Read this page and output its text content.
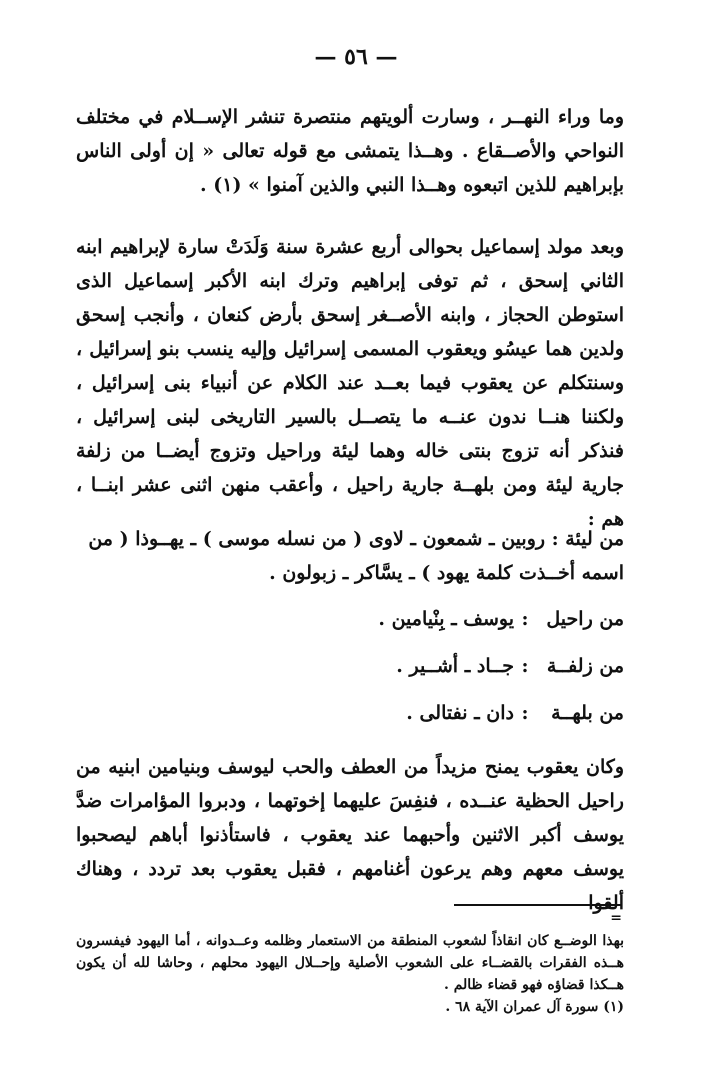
— ٥٦ —

وما وراء النهــر ، وسارت ألويتهم منتصرة تنشر الإســلام في مختلف النواحي والأصــقاع . وهــذا يتمشى مع قوله تعالى « إن أولى الناس بإبراهيم للذين اتبعوه وهــذا النبي والذين آمنوا » (١) .

وبعد مولد إسماعيل بحوالى أربع عشرة سنة وَلَدَتْ سارة لإبراهيم ابنه الثاني إسحق ، ثم توفى إبراهيم وترك ابنه الأكبر إسماعيل الذى استوطن الحجاز ، وابنه الأصــغر إسحق بأرض كنعان ، وأنجب إسحق ولدين هما عيسُو ويعقوب المسمى إسرائيل وإليه ينسب بنو إسرائيل ، وسنتكلم عن يعقوب فيما بعــد عند الكلام عن أنبياء بنى إسرائيل ، ولكننا هنــا ندون عنــه ما يتصــل بالسير التاريخى لبنى إسرائيل ، فنذكر أنه تزوج بنتى خاله وهما ليئة وراحيل وتزوج أيضــا من زلفة جارية ليئة ومن بلهــة جارية راحيل ، وأعقب منهن اثنى عشر ابنــا ، هم :

من ليئة : روبين ـ شمعون ـ لاوى ( من نسله موسى ) ـ يهــوذا ( من اسمه أخــذت كلمة يهود ) ـ يسَّاكر ـ زبولون .
من راحيل
:
يوسف ـ بِنْيامين .
من زلفــة
:
جــاد ـ أشــير .
من بلهــة
:
دان ـ نفتالى .

وكان يعقوب يمنح مزيداً من العطف والحب ليوسف وبنيامين ابنيه من راحيل الحظية عنــده ، فنفِسَ عليهما إخوتهما ، ودبروا المؤامرات ضدَّ يوسف أكبر الاثنين وأحبهما عند يعقوب ، فاستأذنوا أباهم ليصحبوا يوسف معهم وهم يرعون أغنامهم ، فقبل يعقوب بعد تردد ، وهناك ألقوا

=

بهذا الوضــع كان انقاذاً لشعوب المنطقة من الاستعمار وظلمه وعــدوانه ، أما اليهود فيفسرون هــذه الفقرات بالقضــاء على الشعوب الأصلية وإحــلال اليهود محلهم ، وحاشا لله أن يكون هــكذا قضاؤه فهو قضاء ظالم .

(١) سورة آل عمران الآية ٦٨ .
